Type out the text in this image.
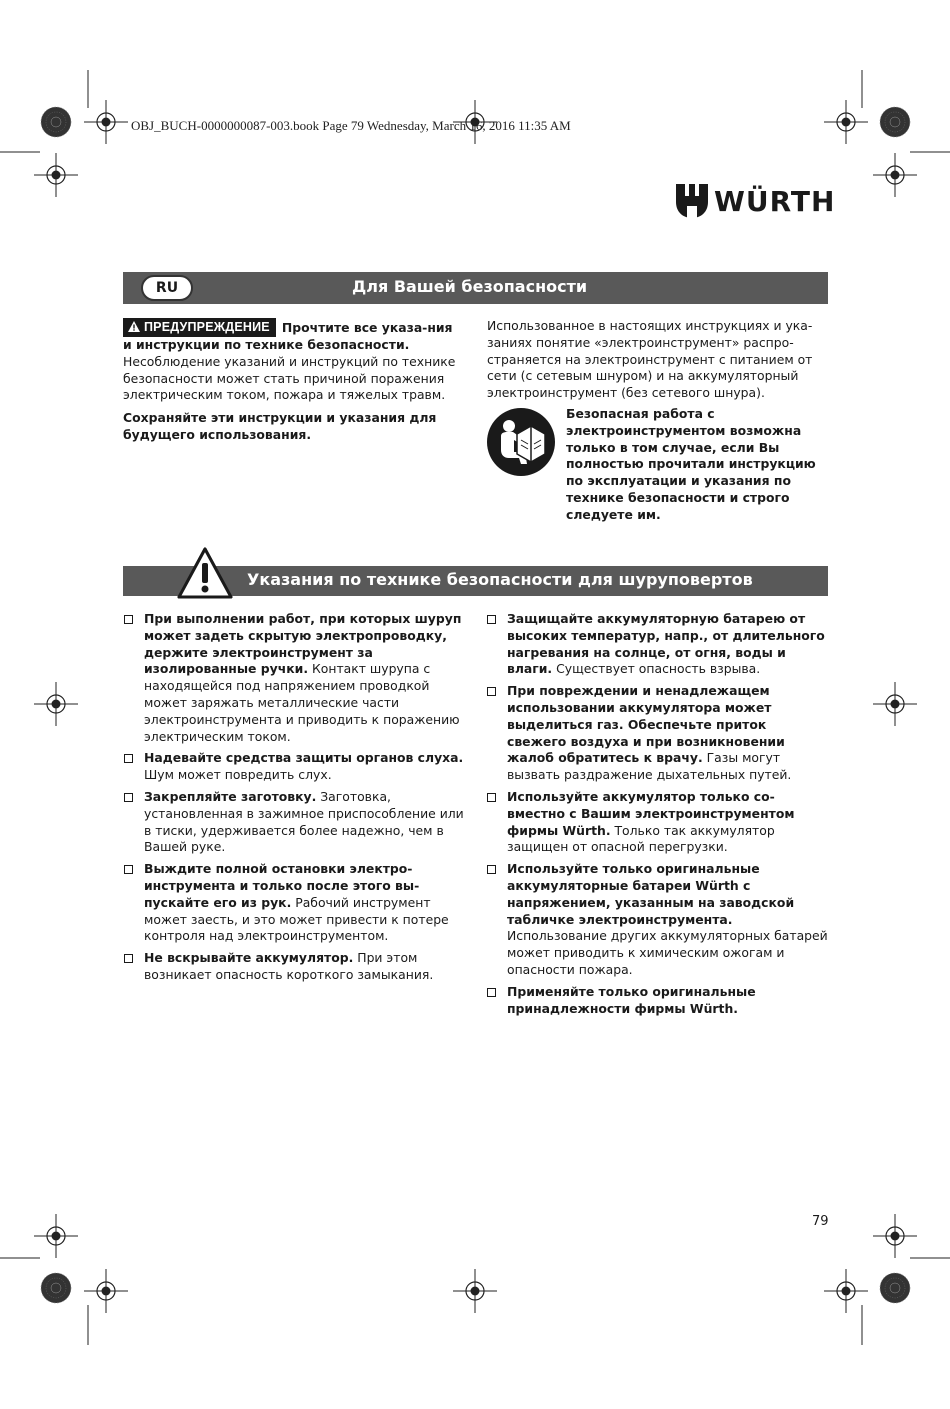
OBJ_BUCH-0000000087-003.book Page 79 Wednesday, March 16, 2016 11:35 AM
WÜRTH
RU	Для Вашей безопасности

ПРЕДУПРЕЖДЕНИЕ Прочтите все указа-ния и инструкции по технике безопасности. Несоблюдение указаний и инструкций по технике безопасности может стать причиной поражения электрическим током, пожара и тяжелых травм.

Сохраняйте эти инструкции и указания для будущего использования.

Использованное в настоящих инструкциях и ука-заниях понятие «электроинструмент» распро-страняется на электроинструмент с питанием от сети (с сетевым шнуром) и на аккумуляторный электроинструмент (без сетевого шнура).

Безопасная работа с электроинструментом возможна только в том случае, если Вы полностью прочитали инструкцию по эксплуатации и указания по технике безопасности и строго следуете им.
Указания по технике безопасности для шуруповертов
При выполнении работ, при которых шуруп может задеть скрытую электропроводку, держите электроинструмент за изолированные ручки. Контакт шурупа с находящейся под напряжением проводкой может заряжать металлические части электроинструмента и приводить к поражению электрическим током.
Надевайте средства защиты органов слуха. Шум может повредить слух.
Закрепляйте заготовку. Заготовка, установленная в зажимное приспособление или в тиски, удерживается более надежно, чем в Вашей руке.
Выждите полной остановки электро-инструмента и только после этого вы-пускайте его из рук. Рабочий инструмент может заесть, и это может привести к потере контроля над электроинструментом.
Не вскрывайте аккумулятор. При этом возникает опасность короткого замыкания.
Защищайте аккумуляторную батарею от высоких температур, напр., от длительного нагревания на солнце, от огня, воды и влаги. Существует опасность взрыва.
При повреждении и ненадлежащем использовании аккумулятора может выделиться газ. Обеспечьте приток свежего воздуха и при возникновении жалоб обратитесь к врачу. Газы могут вызвать раздражение дыхательных путей.
Используйте аккумулятор только со-вместно с Вашим электроинструментом фирмы Würth. Только так аккумулятор защищен от опасной перегрузки.
Используйте только оригинальные аккумуляторные батареи Würth с напряжением, указанным на заводской табличке электроинструмента. Использование других аккумуляторных батарей может приводить к химическим ожогам и опасности пожара.
Применяйте только оригинальные принадлежности фирмы Würth.
79
